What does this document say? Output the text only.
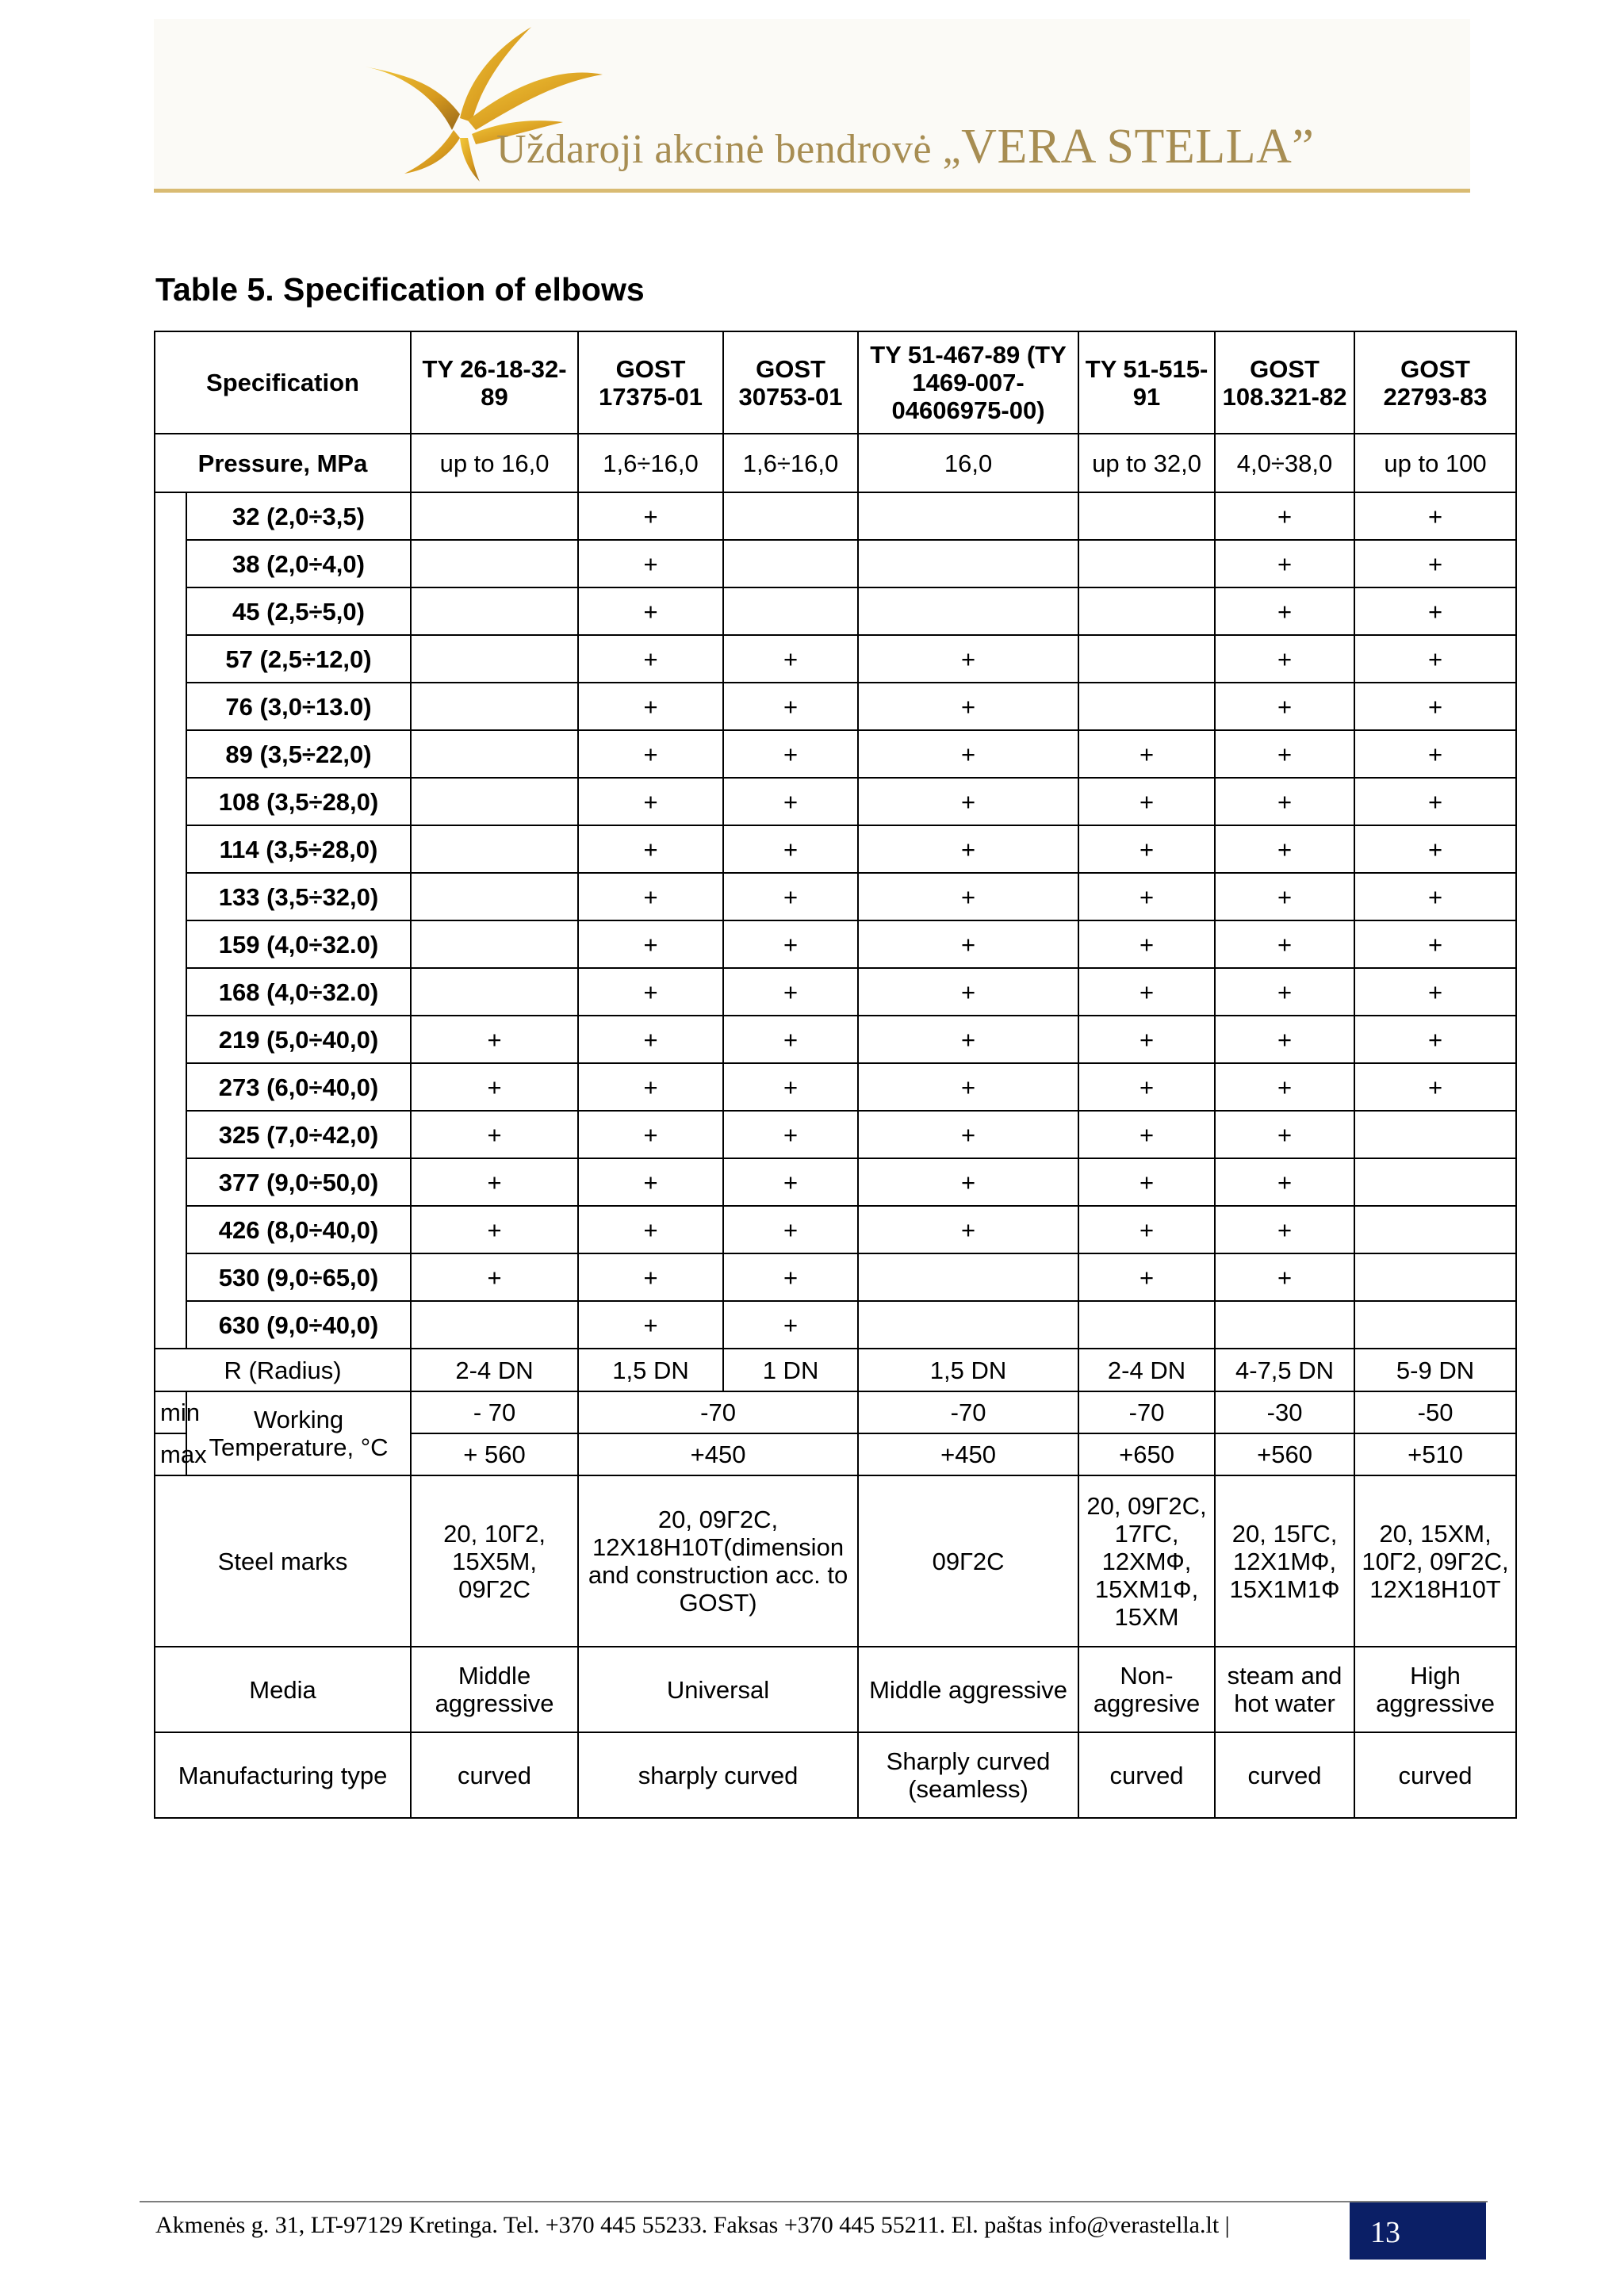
Uždaroji akcinė bendrovė „VERA STELLA”
Table 5. Specification of elbows
Specification		TY 26-18-32-89	GOST 17375-01	GOST 30753-01	TY 51-467-89 (TY 1469-007-04606975-00)	TY 51-515-91	GOST 108.321-82	GOST 22793-83
Pressure, MPa		up to 16,0	1,6÷16,0	1,6÷16,0	16,0	up to 32,0	4,0÷38,0	up to 100
	32 (2,0÷3,5)		+				+	+
	38 (2,0÷4,0)		+				+	+
	45 (2,5÷5,0)		+				+	+
	57 (2,5÷12,0)		+	+	+		+	+
	76 (3,0÷13.0)		+	+	+		+	+
	89 (3,5÷22,0)		+	+	+	+	+	+
	108 (3,5÷28,0)		+	+	+	+	+	+
	114 (3,5÷28,0)		+	+	+	+	+	+
	133 (3,5÷32,0)		+	+	+	+	+	+
	159 (4,0÷32.0)		+	+	+	+	+	+
	168 (4,0÷32.0)		+	+	+	+	+	+
	219 (5,0÷40,0)	+	+	+	+	+	+	+
	273 (6,0÷40,0)	+	+	+	+	+	+	+
	325 (7,0÷42,0)	+	+	+	+	+	+	
	377 (9,0÷50,0)	+	+	+	+	+	+	
	426 (8,0÷40,0)	+	+	+	+	+	+	
	530 (9,0÷65,0)	+	+	+		+	+	
	630 (9,0÷40,0)		+	+				
R (Radius)		2-4 DN	1,5 DN	1 DN	1,5 DN	2-4 DN	4-7,5 DN	5-9 DN
min	Working Temperature, °C	- 70	-70		-70	-70	-30	-50
max		+ 560	+450		+450	+650	+560	+510
Steel marks		20, 10Г2, 15Х5М, 09Г2С	20, 09Г2С, 12Х18Н10Т(dimension and construction acc. to GOST)		09Г2С	20, 09Г2С, 17ГС, 12ХМФ, 15ХМ1Ф, 15ХМ	20, 15ГС, 12Х1МФ, 15Х1М1Ф	20, 15ХМ, 10Г2, 09Г2С, 12Х18Н10Т
Media		Middle aggressive	Universal		Middle aggressive	Non-aggresive	steam and hot water	High aggressive
Manufacturing type		curved	sharply curved		Sharply curved (seamless)	curved	curved	curved
Akmenės g. 31, LT-97129 Kretinga. Tel. +370 445 55233. Faksas +370 445 55211. El. paštas info@verastella.lt |	13
